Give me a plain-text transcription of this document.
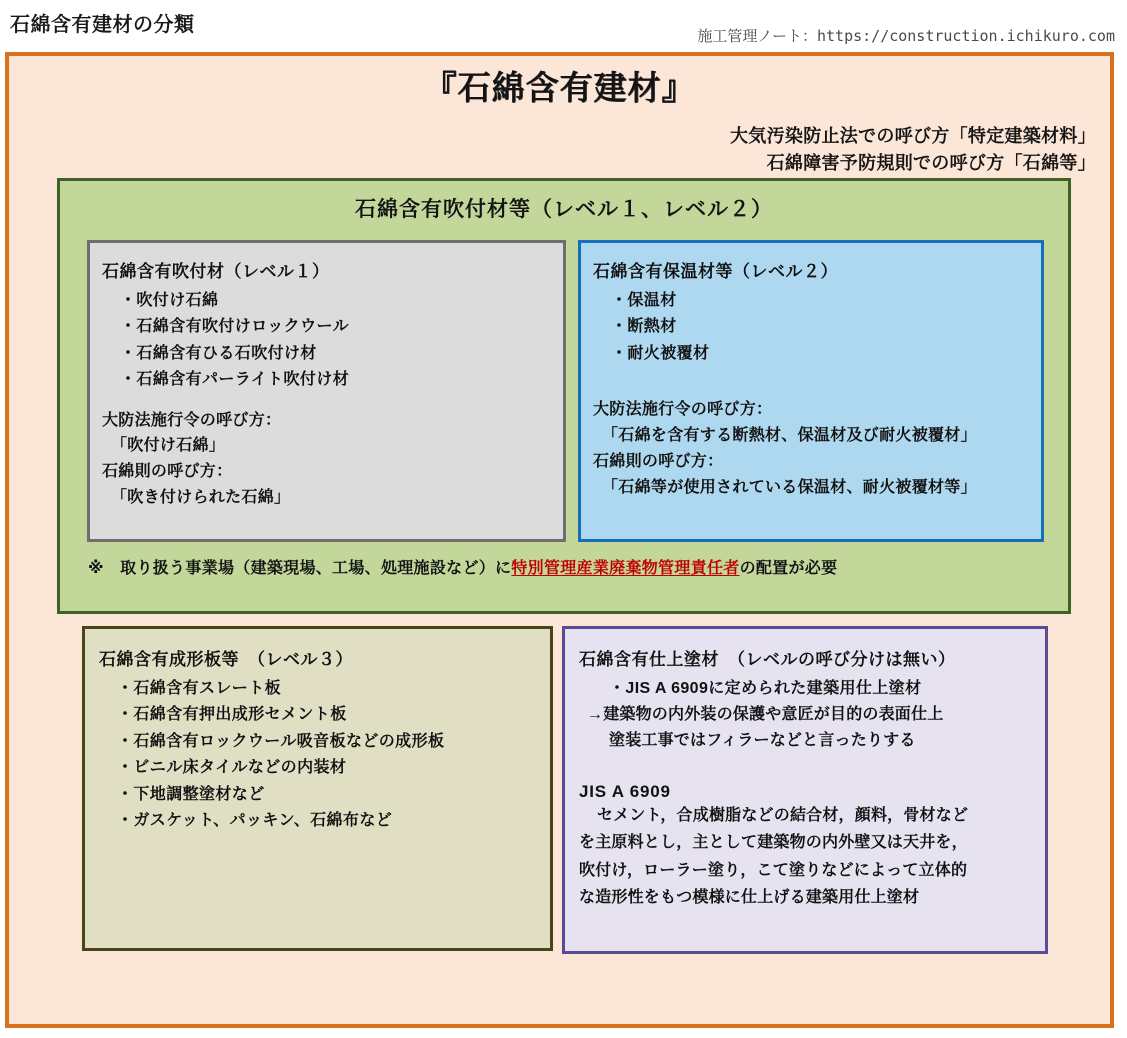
石綿含有建材の分類	施工管理ノート：https://construction.ichikuro.com
『石綿含有建材』
大気汚染防止法での呼び方「特定建築材料」
石綿障害予防規則での呼び方「石綿等」
石綿含有吹付材等（レベル１、レベル２）
石綿含有吹付材（レベル１）
・ 吹付け石綿
・ 石綿含有吹付けロックウール
・ 石綿含有ひる石吹付け材
・ 石綿含有パーライト吹付け材
大防法施行令の呼び方：
「吹付け石綿」
石綿則の呼び方：
「吹き付けられた石綿」
石綿含有保温材等（レベル２）
・ 保温材
・ 断熱材
・ 耐火被覆材
大防法施行令の呼び方：
「石綿を含有する断熱材、保温材及び耐火被覆材」
石綿則の呼び方：
「石綿等が使用されている保温材、耐火被覆材等」
※　取り扱う事業場（建築現場、工場、処理施設など）に特別管理産業廃棄物管理責任者の配置が必要
石綿含有成形板等　（レベル３）
・ 石綿含有スレート板
・ 石綿含有押出成形セメント板
・ 石綿含有ロックウール吸音板などの成形板
・ ビニル床タイルなどの内装材
・ 下地調整塗材など
・ ガスケット、パッキン、石綿布など
石綿含有仕上塗材　（レベルの呼び分けは無い）
・ JIS A 6909に定められた建築用仕上塗材
→建築物の内外装の保護や意匠が目的の表面仕上
塗装工事ではフィラーなどと言ったりする
JIS A 6909
セメント，合成樹脂などの結合材，顔料，骨材など
を主原料とし，主として建築物の内外壁又は天井を，
吹付け，ローラー塗り，こて塗りなどによって立体的
な造形性をもつ模様に仕上げる建築用仕上塗材
